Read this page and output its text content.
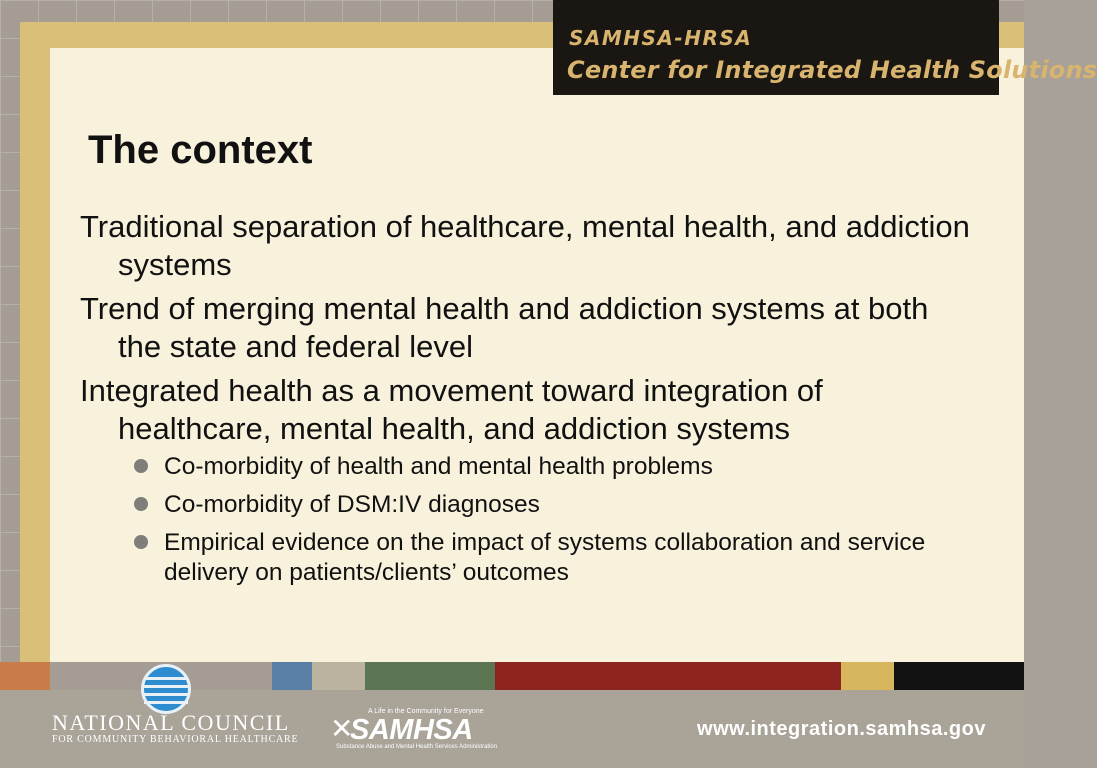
SAMHSA-HRSA
Center for Integrated Health Solutions
The context
Traditional separation of healthcare, mental health, and addiction systems
Trend of merging mental health and addiction systems at both the state and federal level
Integrated health as a movement toward integration of healthcare, mental health, and addiction systems
Co-morbidity of health and mental health problems
Co-morbidity of DSM:IV diagnoses
Empirical evidence on the impact of systems collaboration and service delivery on patients/clients’ outcomes
NATIONAL COUNCIL
FOR COMMUNITY BEHAVIORAL HEALTHCARE
A Life in the Community for Everyone
✕
SAMHSA
Substance Abuse and Mental Health Services Administration
www.integration.samhsa.gov
